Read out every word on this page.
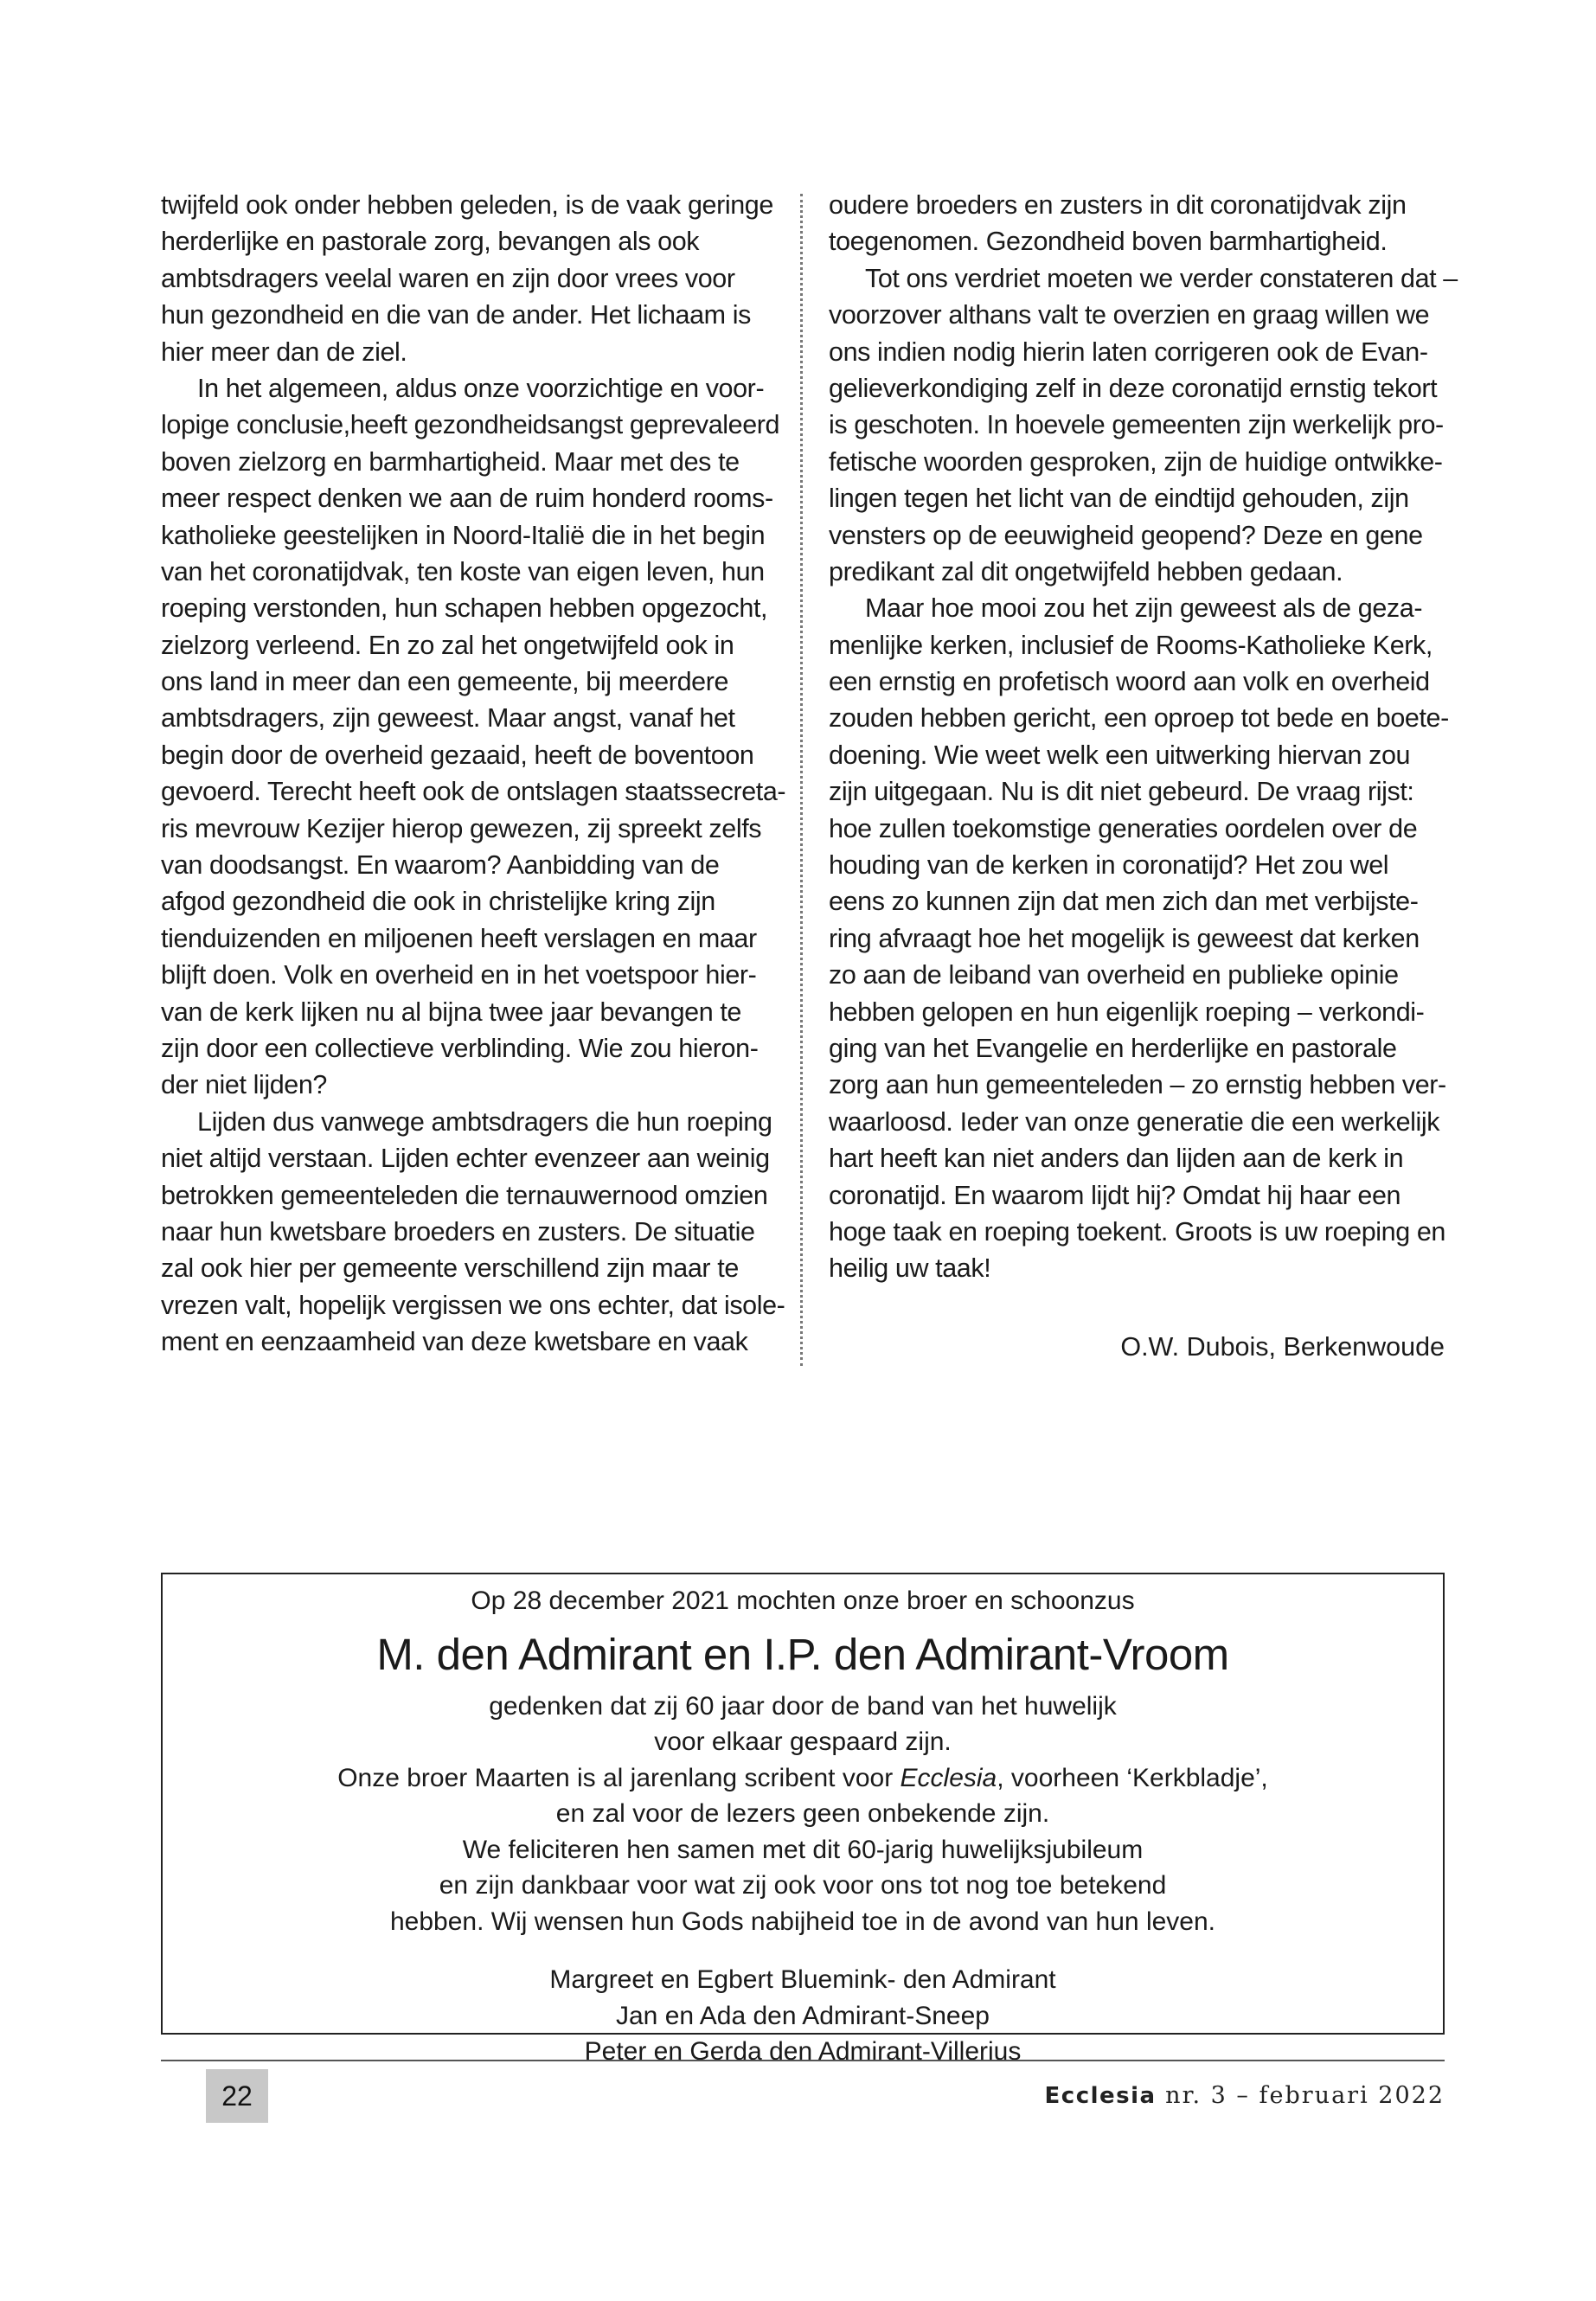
twijfeld ook onder hebben geleden, is de vaak geringe
herderlijke en pastorale zorg, bevangen als ook
ambtsdragers veelal waren en zijn door vrees voor
hun gezondheid en die van de ander. Het lichaam is
hier meer dan de ziel.
In het algemeen, aldus onze voorzichtige en voor-
lopige conclusie,heeft gezondheidsangst geprevaleerd
boven zielzorg en barmhartigheid. Maar met des te
meer respect denken we aan de ruim honderd rooms-
katholieke geestelijken in Noord-Italië die in het begin
van het coronatijdvak, ten koste van eigen leven, hun
roeping verstonden, hun schapen hebben opgezocht,
zielzorg verleend. En zo zal het ongetwijfeld ook in
ons land in meer dan een gemeente, bij meerdere
ambtsdragers, zijn geweest. Maar angst, vanaf het
begin door de overheid gezaaid, heeft de boventoon
gevoerd. Terecht heeft ook de ontslagen staatssecreta-
ris mevrouw Kezijer hierop gewezen, zij spreekt zelfs
van doodsangst. En waarom? Aanbidding van de
afgod gezondheid die ook in christelijke kring zijn
tienduizenden en miljoenen heeft verslagen en maar
blijft doen. Volk en overheid en in het voetspoor hier-
van de kerk lijken nu al bijna twee jaar bevangen te
zijn door een collectieve verblinding. Wie zou hieron-
der niet lijden?
Lijden dus vanwege ambtsdragers die hun roeping
niet altijd verstaan. Lijden echter evenzeer aan weinig
betrokken gemeenteleden die ternauwernood omzien
naar hun kwetsbare broeders en zusters. De situatie
zal ook hier per gemeente verschillend zijn maar te
vrezen valt, hopelijk vergissen we ons echter, dat isole-
ment en eenzaamheid van deze kwetsbare en vaak
oudere broeders en zusters in dit coronatijdvak zijn
toegenomen. Gezondheid boven barmhartigheid.
Tot ons verdriet moeten we verder constateren dat –
voorzover althans valt te overzien en graag willen we
ons indien nodig hierin laten corrigeren ook de Evan-
gelieverkondiging zelf in deze coronatijd ernstig tekort
is geschoten. In hoevele gemeenten zijn werkelijk pro-
fetische woorden gesproken, zijn de huidige ontwikke-
lingen tegen het licht van de eindtijd gehouden, zijn
vensters op de eeuwigheid geopend? Deze en gene
predikant zal dit ongetwijfeld hebben gedaan.
Maar hoe mooi zou het zijn geweest als de geza-
menlijke kerken, inclusief de Rooms-Katholieke Kerk,
een ernstig en profetisch woord aan volk en overheid
zouden hebben gericht, een oproep tot bede en boete-
doening. Wie weet welk een uitwerking hiervan zou
zijn uitgegaan. Nu is dit niet gebeurd. De vraag rijst:
hoe zullen toekomstige generaties oordelen over de
houding van de kerken in coronatijd? Het zou wel
eens zo kunnen zijn dat men zich dan met verbijste-
ring afvraagt hoe het mogelijk is geweest dat kerken
zo aan de leiband van overheid en publieke opinie
hebben gelopen en hun eigenlijk roeping – verkondi-
ging van het Evangelie en herderlijke en pastorale
zorg aan hun gemeenteleden – zo ernstig hebben ver-
waarloosd. Ieder van onze generatie die een werkelijk
hart heeft kan niet anders dan lijden aan de kerk in
coronatijd. En waarom lijdt hij? Omdat hij haar een
hoge taak en roeping toekent. Groots is uw roeping en
heilig uw taak!
O.W. Dubois, Berkenwoude
Op 28 december 2021 mochten onze broer en schoonzus
M. den Admirant en I.P. den Admirant-Vroom
gedenken dat zij 60 jaar door de band van het huwelijk
voor elkaar gespaard zijn.
Onze broer Maarten is al jarenlang scribent voor Ecclesia, voorheen ‘Kerkbladje’,
en zal voor de lezers geen onbekende zijn.
We feliciteren hen samen met dit 60-jarig huwelijksjubileum
en zijn dankbaar voor wat zij ook voor ons tot nog toe betekend
hebben. Wij wensen hun Gods nabijheid toe in de avond van hun leven.
Margreet en Egbert Bluemink- den Admirant
Jan en Ada den Admirant-Sneep
Peter en Gerda den Admirant-Villerius
22	Ecclesia nr. 3 – februari 2022
